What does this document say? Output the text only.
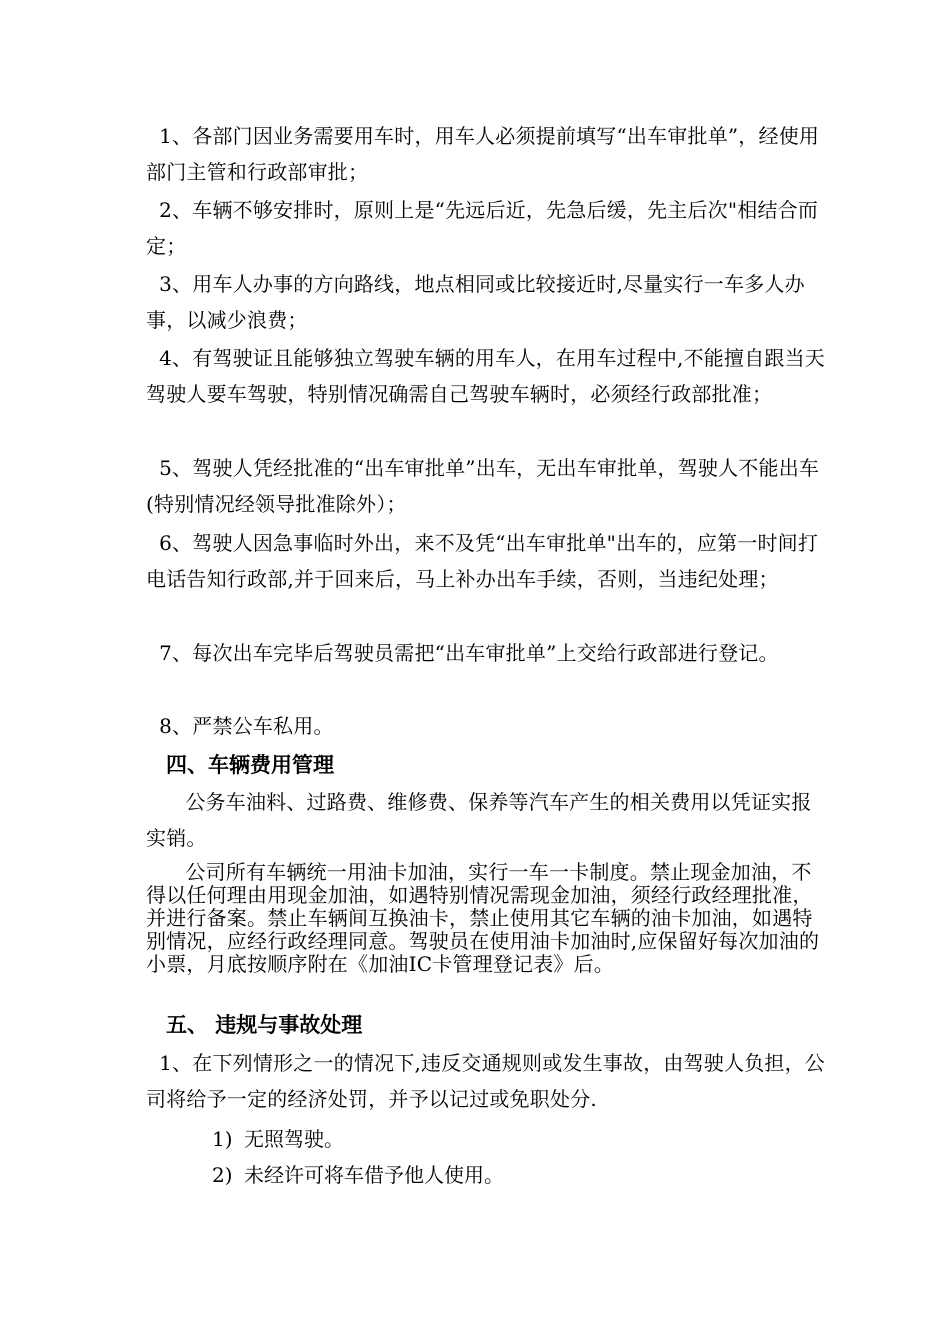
1、各部门因业务需要用车时，用车人必须提前填写“出车审批单”，经使用部门主管和行政部审批；
2、车辆不够安排时，原则上是“先远后近，先急后缓，先主后次"相结合而定；
3、用车人办事的方向路线，地点相同或比较接近时,尽量实行一车多人办事，以减少浪费；
4、有驾驶证且能够独立驾驶车辆的用车人，在用车过程中,不能擅自跟当天驾驶人要车驾驶，特别情况确需自己驾驶车辆时，必须经行政部批准；
5、驾驶人凭经批准的“出车审批单”出车，无出车审批单，驾驶人不能出车(特别情况经领导批准除外）；
6、驾驶人因急事临时外出，来不及凭“出车审批单"出车的，应第一时间打电话告知行政部,并于回来后，马上补办出车手续，否则，当违纪处理；
7、每次出车完毕后驾驶员需把“出车审批单”上交给行政部进行登记。
8、严禁公车私用。
四、车辆费用管理
公务车油料、过路费、维修费、保养等汽车产生的相关费用以凭证实报实销。
公司所有车辆统一用油卡加油，实行一车一卡制度。禁止现金加油，不得以任何理由用现金加油，如遇特别情况需现金加油，须经行政经理批准，并进行备案。禁止车辆间互换油卡，禁止使用其它车辆的油卡加油，如遇特别情况，应经行政经理同意。驾驶员在使用油卡加油时,应保留好每次加油的小票，月底按顺序附在《加油IC卡管理登记表》后。
五、 违规与事故处理
1、在下列情形之一的情况下,违反交通规则或发生事故，由驾驶人负担，公司将给予一定的经济处罚，并予以记过或免职处分.
1) 无照驾驶。
2) 未经许可将车借予他人使用。
